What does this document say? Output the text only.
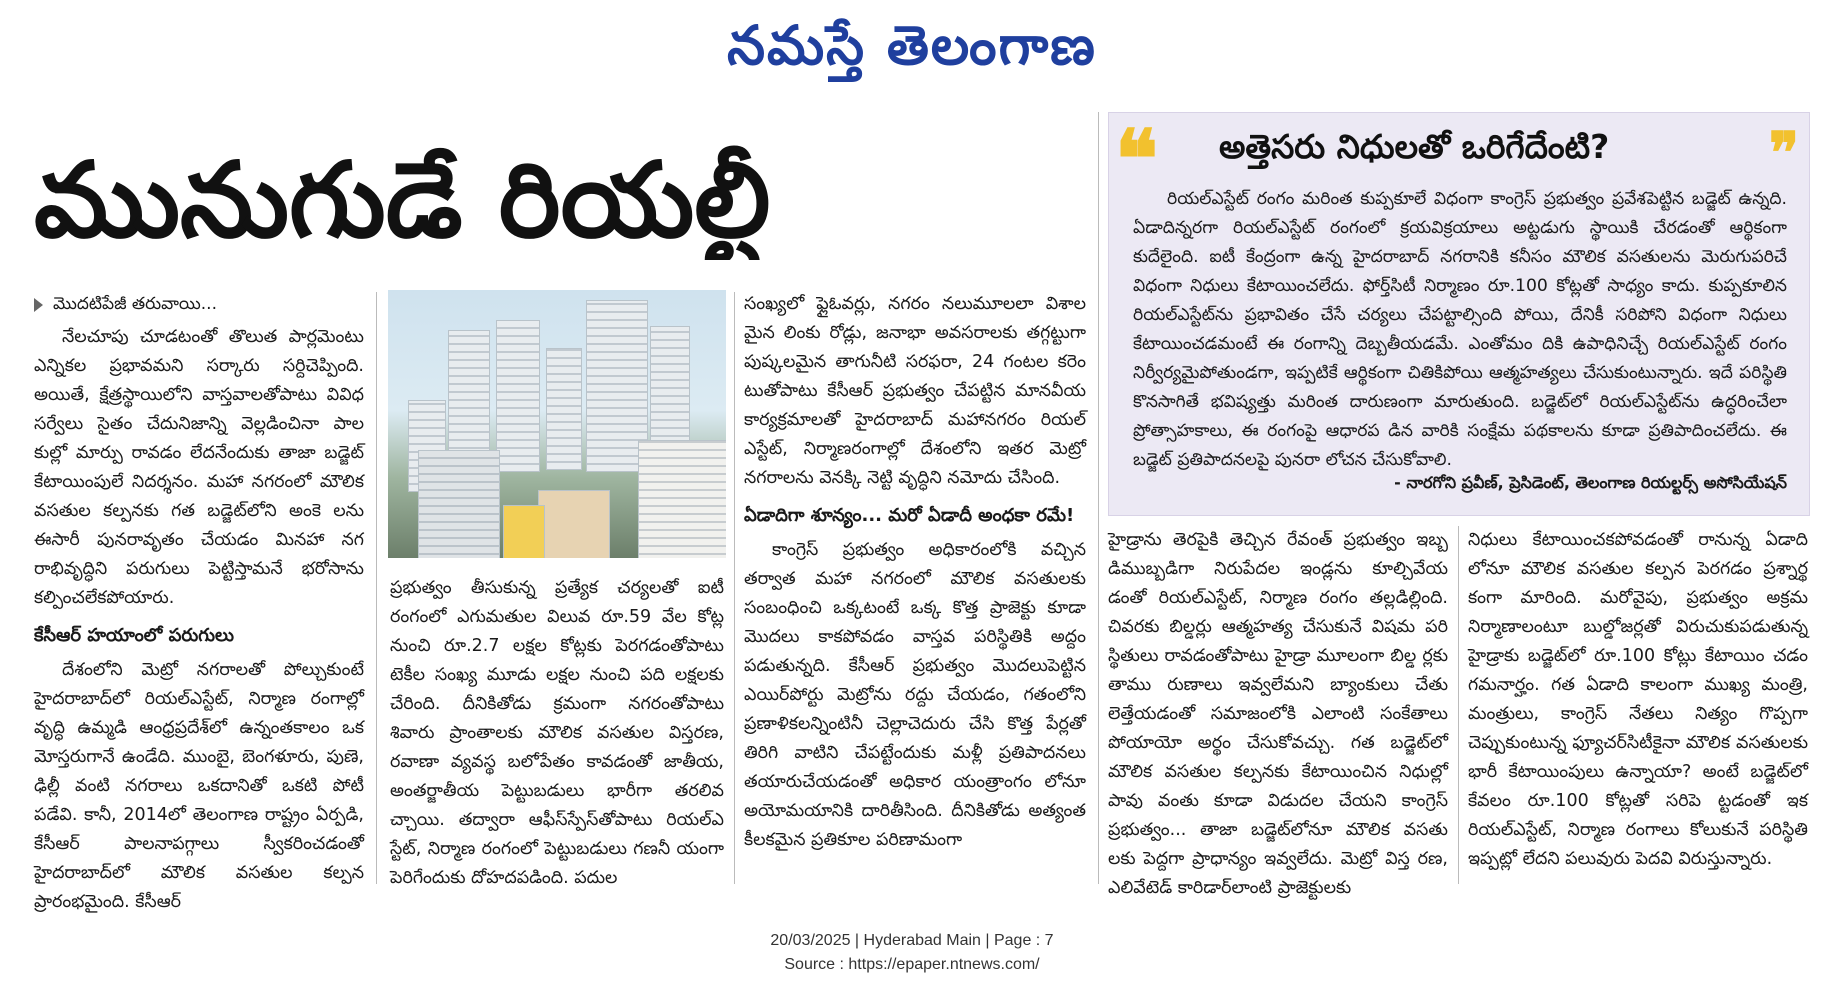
నమస్తే తెలంగాణ
మునుగుడే రియల్టీ
మొదటిపేజీ తరువాయి...

నేలచూపు చూడటంతో తొలుత పార్లమెంటు ఎన్నికల ప్రభావమని సర్కారు సర్దిచెప్పింది. అయితే, క్షేత్రస్థాయిలోని వాస్తవాలతోపాటు వివిధ సర్వేలు సైతం చేదునిజాన్ని వెల్లడించినా పాల కుల్లో మార్పు రావడం లేదనేందుకు తాజా బడ్జెట్ కేటాయింపులే నిదర్శనం. మహా నగరంలో మౌలిక వసతుల కల్పనకు గత బడ్జెట్‌లోని అంకె లను ఈసారీ పునరావృతం చేయడం మినహా నగ రాభివృద్ధిని పరుగులు పెట్టిస్తామనే భరోసాను కల్పించలేకపోయారు.

కేసీఆర్ హయాంలో పరుగులు

దేశంలోని మెట్రో నగరాలతో పోల్చుకుంటే హైదరాబాద్‌లో రియల్‌ఎస్టేట్, నిర్మాణ రంగాల్లో వృద్ధి ఉమ్మడి ఆంధ్రప్రదేశ్‌లో ఉన్నంతకాలం ఒక మోస్తరుగానే ఉండేది. ముంబై, బెంగళూరు, పుణె, ఢిల్లీ వంటి నగరాలు ఒకదానితో ఒకటి పోటీ పడేవి. కానీ, 2014లో తెలంగాణ రాష్ట్రం ఏర్పడి, కేసీఆర్ పాలనాపగ్గాలు స్వీకరించడంతో హైదరాబాద్‌లో మౌలిక వసతుల కల్పన ప్రారంభమైంది. కేసీఆర్

ప్రభుత్వం తీసుకున్న ప్రత్యేక చర్యలతో ఐటీ రంగంలో ఎగుమతుల విలువ రూ.59 వేల కోట్ల నుంచి రూ.2.7 లక్షల కోట్లకు పెరగడంతోపాటు టెకీల సంఖ్య మూడు లక్షల నుంచి పది లక్షలకు చేరింది. దీనికితోడు క్రమంగా నగరంతోపాటు శివారు ప్రాంతాలకు మౌలిక వసతుల విస్తరణ, రవాణా వ్యవస్థ బలోపేతం కావడంతో జాతీయ, అంతర్జాతీయ పెట్టుబడులు భారీగా తరలివ చ్చాయి. తద్వారా ఆఫీస్‌స్పేస్‌తోపాటు రియల్‌ఎ స్టేట్, నిర్మాణ రంగంలో పెట్టుబడులు గణనీ యంగా పెరిగేందుకు దోహదపడింది. పదుల

సంఖ్యలో ఫ్లైఓవర్లు, నగరం నలుమూలలా విశాల మైన లింకు రోడ్లు, జనాభా అవసరాలకు తగ్గట్టుగా పుష్కలమైన తాగునీటి సరఫరా, 24 గంటల కరెం టుతోపాటు కేసీఆర్ ప్రభుత్వం చేపట్టిన మానవీయ కార్యక్రమాలతో హైదరాబాద్ మహానగరం రియల్ ఎస్టేట్, నిర్మాణరంగాల్లో దేశంలోని ఇతర మెట్రో నగరాలను వెనక్కి నెట్టి వృద్ధిని నమోదు చేసింది.

ఏడాదిగా శూన్యం... మరో ఏడాదీ అంధకా రమే!

కాంగ్రెస్ ప్రభుత్వం అధికారంలోకి వచ్చిన తర్వాత మహా నగరంలో మౌలిక వసతులకు సంబంధించి ఒక్కటంటే ఒక్క కొత్త ప్రాజెక్టు కూడా మొదలు కాకపోవడం వాస్తవ పరిస్థితికి అద్దం పడుతున్నది. కేసీఆర్ ప్రభుత్వం మొదలుపెట్టిన ఎయిర్‌పోర్టు మెట్రోను రద్దు చేయడం, గతంలోని ప్రణాళికలన్నింటినీ చెల్లాచెదురు చేసి కొత్త పేర్లతో తిరిగి వాటిని చేపట్టేందుకు మళ్లీ ప్రతిపాదనలు తయారుచేయడంతో అధికార యంత్రాంగం లోనూ అయోమయానికి దారితీసింది. దీనికితోడు అత్యంత కీలకమైన ప్రతికూల పరిణామంగా

❝ అత్తెసరు నిధులతో ఒరిగేదేంటి?	❞
రియల్‌ఎస్టేట్ రంగం మరింత కుప్పకూలే విధంగా కాంగ్రెస్ ప్రభుత్వం ప్రవేశపెట్టిన బడ్జెట్ ఉన్నది. ఏడాదిన్నరగా రియల్‌ఎస్టేట్ రంగంలో క్రయవిక్రయాలు అట్టడుగు స్థాయికి చేరడంతో ఆర్థికంగా కుదేలైంది. ఐటీ కేంద్రంగా ఉన్న హైదరాబాద్ నగరానికి కనీసం మౌలిక వసతులను మెరుగుపరిచే విధంగా నిధులు కేటాయించలేదు. ఫోర్త్‌సిటీ నిర్మాణం రూ.100 కోట్లతో సాధ్యం కాదు. కుప్పకూలిన రియల్‌ఎస్టేట్‌ను ప్రభావితం చేసే చర్యలు చేపట్టాల్సింది పోయి, దేనికీ సరిపోని విధంగా నిధులు కేటాయించడమంటే ఈ రంగాన్ని దెబ్బతీయడమే. ఎంతోమం దికి ఉపాధినిచ్చే రియల్‌ఎస్టేట్ రంగం నిర్వీర్యమైపోతుండగా, ఇప్పటికే ఆర్థికంగా చితికిపోయి ఆత్మహత్యలు చేసుకుంటున్నారు. ఇదే పరిస్థితి కొనసాగితే భవిష్యత్తు మరింత దారుణంగా మారుతుంది. బడ్జెట్‌లో రియల్‌ఎస్టేట్‌ను ఉద్ధరించేలా ప్రోత్సాహకాలు, ఈ రంగంపై ఆధారప డిన వారికి సంక్షేమ పథకాలను కూడా ప్రతిపాదించలేదు. ఈ బడ్జెట్ ప్రతిపాదనలపై పునరా లోచన చేసుకోవాలి.
- నారగోని ప్రవీణ్, ప్రెసిడెంట్, తెలంగాణ రియల్టర్స్ అసోసియేషన్

హైడ్రాను తెరపైకి తెచ్చిన రేవంత్ ప్రభుత్వం ఇబ్బ డిముబ్బడిగా నిరుపేదల ఇండ్లను కూల్చివేయ డంతో రియల్‌ఎస్టేట్, నిర్మాణ రంగం తల్లడిల్లింది. చివరకు బిల్డర్లు ఆత్మహత్య చేసుకునే విషమ పరి స్థితులు రావడంతోపాటు హైడ్రా మూలంగా బిల్డ ర్లకు తాము రుణాలు ఇవ్వలేమని బ్యాంకులు చేతు లెత్తేయడంతో సమాజంలోకి ఎలాంటి సంకేతాలు పోయాయో అర్థం చేసుకోవచ్చు. గత బడ్జెట్‌లో మౌలిక వసతుల కల్పనకు కేటాయించిన నిధుల్లో పావు వంతు కూడా విడుదల చేయని కాంగ్రెస్ ప్రభుత్వం... తాజా బడ్జెట్‌లోనూ మౌలిక వసతు లకు పెద్దగా ప్రాధాన్యం ఇవ్వలేదు. మెట్రో విస్త రణ, ఎలివేటెడ్ కారిడార్‌లాంటి ప్రాజెక్టులకు

నిధులు కేటాయించకపోవడంతో రానున్న ఏడాది లోనూ మౌలిక వసతుల కల్పన పెరగడం ప్రశ్నార్థ కంగా మారింది. మరోవైపు, ప్రభుత్వం అక్రమ నిర్మాణాలంటూ బుల్డోజర్లతో విరుచుకుపడుతున్న హైడ్రాకు బడ్జెట్‌లో రూ.100 కోట్లు కేటాయిం చడం గమనార్హం. గత ఏడాది కాలంగా ముఖ్య మంత్రి, మంత్రులు, కాంగ్రెస్ నేతలు నిత్యం గొప్పగా చెప్పుకుంటున్న ఫ్యూచర్‌సిటీకైనా మౌలిక వసతులకు భారీ కేటాయింపులు ఉన్నాయా? అంటే బడ్జెట్‌లో కేవలం రూ.100 కోట్లతో సరిపె ట్టడంతో ఇక రియల్‌ఎస్టేట్, నిర్మాణ రంగాలు కోలుకునే పరిస్థితి ఇప్పట్లో లేదని పలువురు పెదవి విరుస్తున్నారు.

20/03/2025 | Hyderabad Main | Page : 7
Source : https://epaper.ntnews.com/
